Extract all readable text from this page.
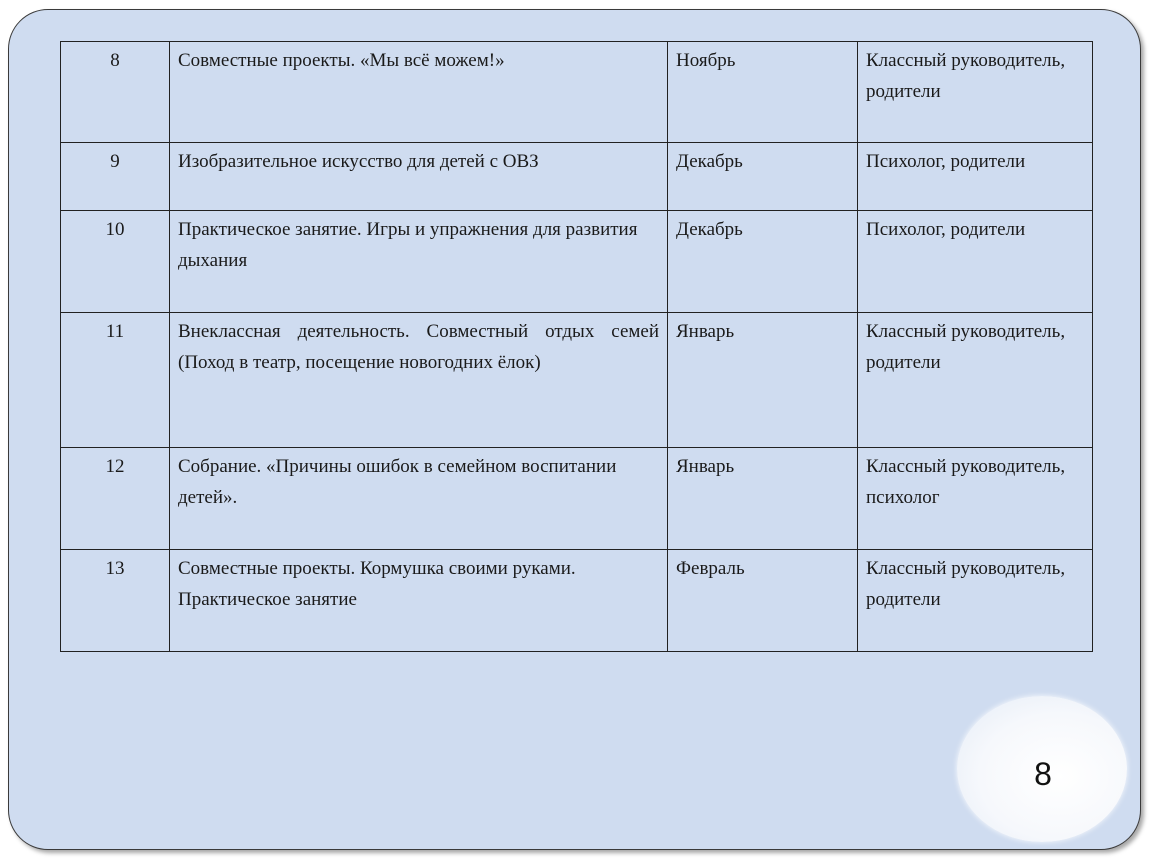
8	Совместные проекты. «Мы всё можем!»	Ноябрь	Классный руководитель, родители
9	Изобразительное искусство для детей с ОВЗ	Декабрь	Психолог, родители
10	Практическое занятие. Игры и упражнения для развития дыхания	Декабрь	Психолог, родители
11	Внеклассная деятельность. Совместный отдых семей (Поход в театр, посещение новогодних ёлок)	Январь	Классный руководитель, родители
12	Собрание. «Причины ошибок в семейном воспитании детей».	Январь	Классный руководитель, психолог
13	Совместные проекты. Кормушка своими руками. Практическое занятие	Февраль	Классный руководитель, родители
8
